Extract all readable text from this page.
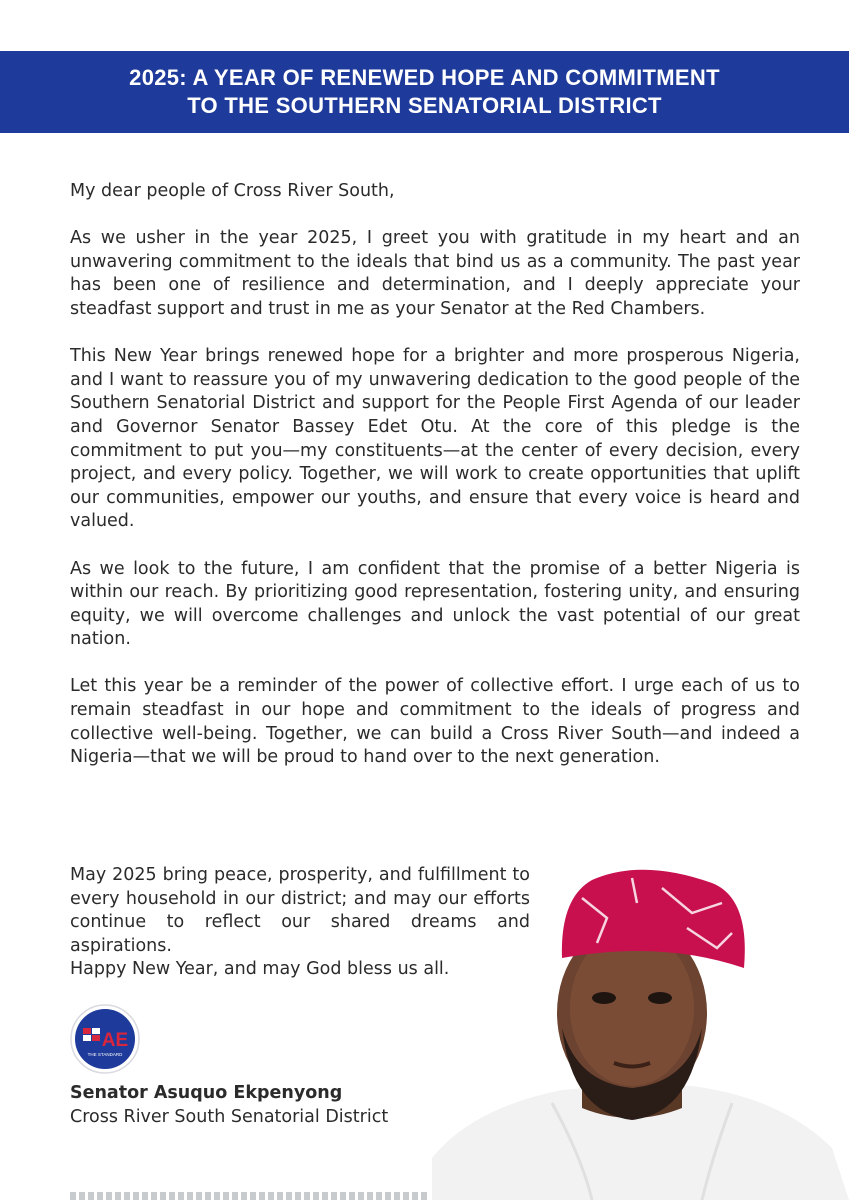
2025: A YEAR OF RENEWED HOPE AND COMMITMENT
TO THE SOUTHERN SENATORIAL DISTRICT

My dear people of Cross River South,

As we usher in the year 2025, I greet you with gratitude in my heart and an unwavering commitment to the ideals that bind us as a community. The past year has been one of resilience and determination, and I deeply appreciate your steadfast support and trust in me as your Senator at the Red Chambers.

This New Year brings renewed hope for a brighter and more prosperous Nigeria, and I want to reassure you of my unwavering dedication to the good people of the Southern Senatorial District and support for the People First Agenda of our leader and Governor Senator Bassey Edet Otu. At the core of this pledge is the commitment to put you—my constituents—at the center of every decision, every project, and every policy. Together, we will work to create opportunities that uplift our communities, empower our youths, and ensure that every voice is heard and valued.

As we look to the future, I am confident that the promise of a better Nigeria is within our reach. By prioritizing good representation, fostering unity, and ensuring equity, we will overcome challenges and unlock the vast potential of our great nation.

Let this year be a reminder of the power of collective effort. I urge each of us to remain steadfast in our hope and commitment to the ideals of progress and collective well-being. Together, we can build a Cross River South—and indeed a Nigeria—that we will be proud to hand over to the next generation.

May 2025 bring peace, prosperity, and fulfillment to every household in our district; and may our efforts continue to reflect our shared dreams and aspirations.

Happy New Year, and may God bless us all.

AE
THE STANDARD
Senator Asuquo Ekpenyong
Cross River South Senatorial District
